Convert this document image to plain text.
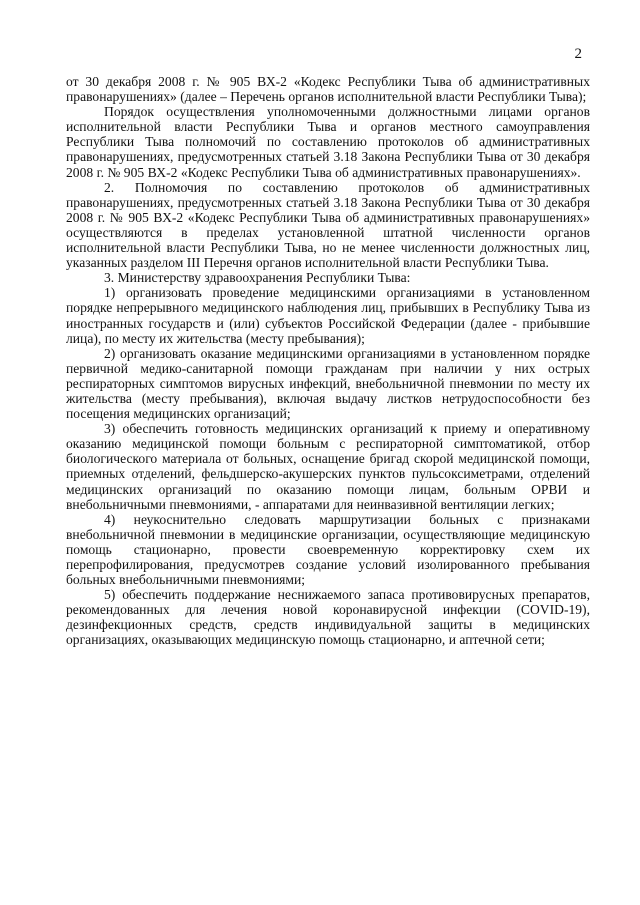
2

от 30 декабря 2008 г. № 905 ВХ-2 «Кодекс Республики Тыва об административных правонарушениях» (далее – Перечень органов исполнительной власти Республики Тыва);

Порядок осуществления уполномоченными должностными лицами органов исполнительной власти Республики Тыва и органов местного самоуправления Республики Тыва полномочий по составлению протоколов об административных правонарушениях, предусмотренных статьей 3.18 Закона Республики Тыва от 30 декабря 2008 г. № 905 ВХ-2 «Кодекс Республики Тыва об административных правонарушениях».

2. Полномочия по составлению протоколов об административных правонарушениях, предусмотренных статьей 3.18 Закона Республики Тыва от 30 декабря 2008 г. № 905 ВХ-2 «Кодекс Республики Тыва об административных правонарушениях» осуществляются в пределах установленной штатной численности органов исполнительной власти Республики Тыва, но не менее численности должностных лиц, указанных разделом III Перечня органов исполнительной власти Республики Тыва.

3. Министерству здравоохранения Республики Тыва:

1) организовать проведение медицинскими организациями в установленном порядке непрерывного медицинского наблюдения лиц, прибывших в Республику Тыва из иностранных государств и (или) субъектов Российской Федерации (далее - прибывшие лица), по месту их жительства (месту пребывания);

2) организовать оказание медицинскими организациями в установленном порядке первичной медико-санитарной помощи гражданам при наличии у них острых респираторных симптомов вирусных инфекций, внебольничной пневмонии по месту их жительства (месту пребывания), включая выдачу листков нетрудоспособности без посещения медицинских организаций;

3) обеспечить готовность медицинских организаций к приему и оперативному оказанию медицинской помощи больным с респираторной симптоматикой, отбор биологического материала от больных, оснащение бригад скорой медицинской помощи, приемных отделений, фельдшерско-акушерских пунктов пульсоксиметрами, отделений медицинских организаций по оказанию помощи лицам, больным ОРВИ и внебольничными пневмониями, - аппаратами для неинвазивной вентиляции легких;

4) неукоснительно следовать маршрутизации больных с признаками внебольничной пневмонии в медицинские организации, осуществляющие медицинскую помощь стационарно, провести своевременную корректировку схем их перепрофилирования, предусмотрев создание условий изолированного пребывания больных внебольничными пневмониями;

5) обеспечить поддержание неснижаемого запаса противовирусных препаратов, рекомендованных для лечения новой коронавирусной инфекции (COVID-19), дезинфекционных средств, средств индивидуальной защиты в медицинских организациях, оказывающих медицинскую помощь стационарно, и аптечной сети;
